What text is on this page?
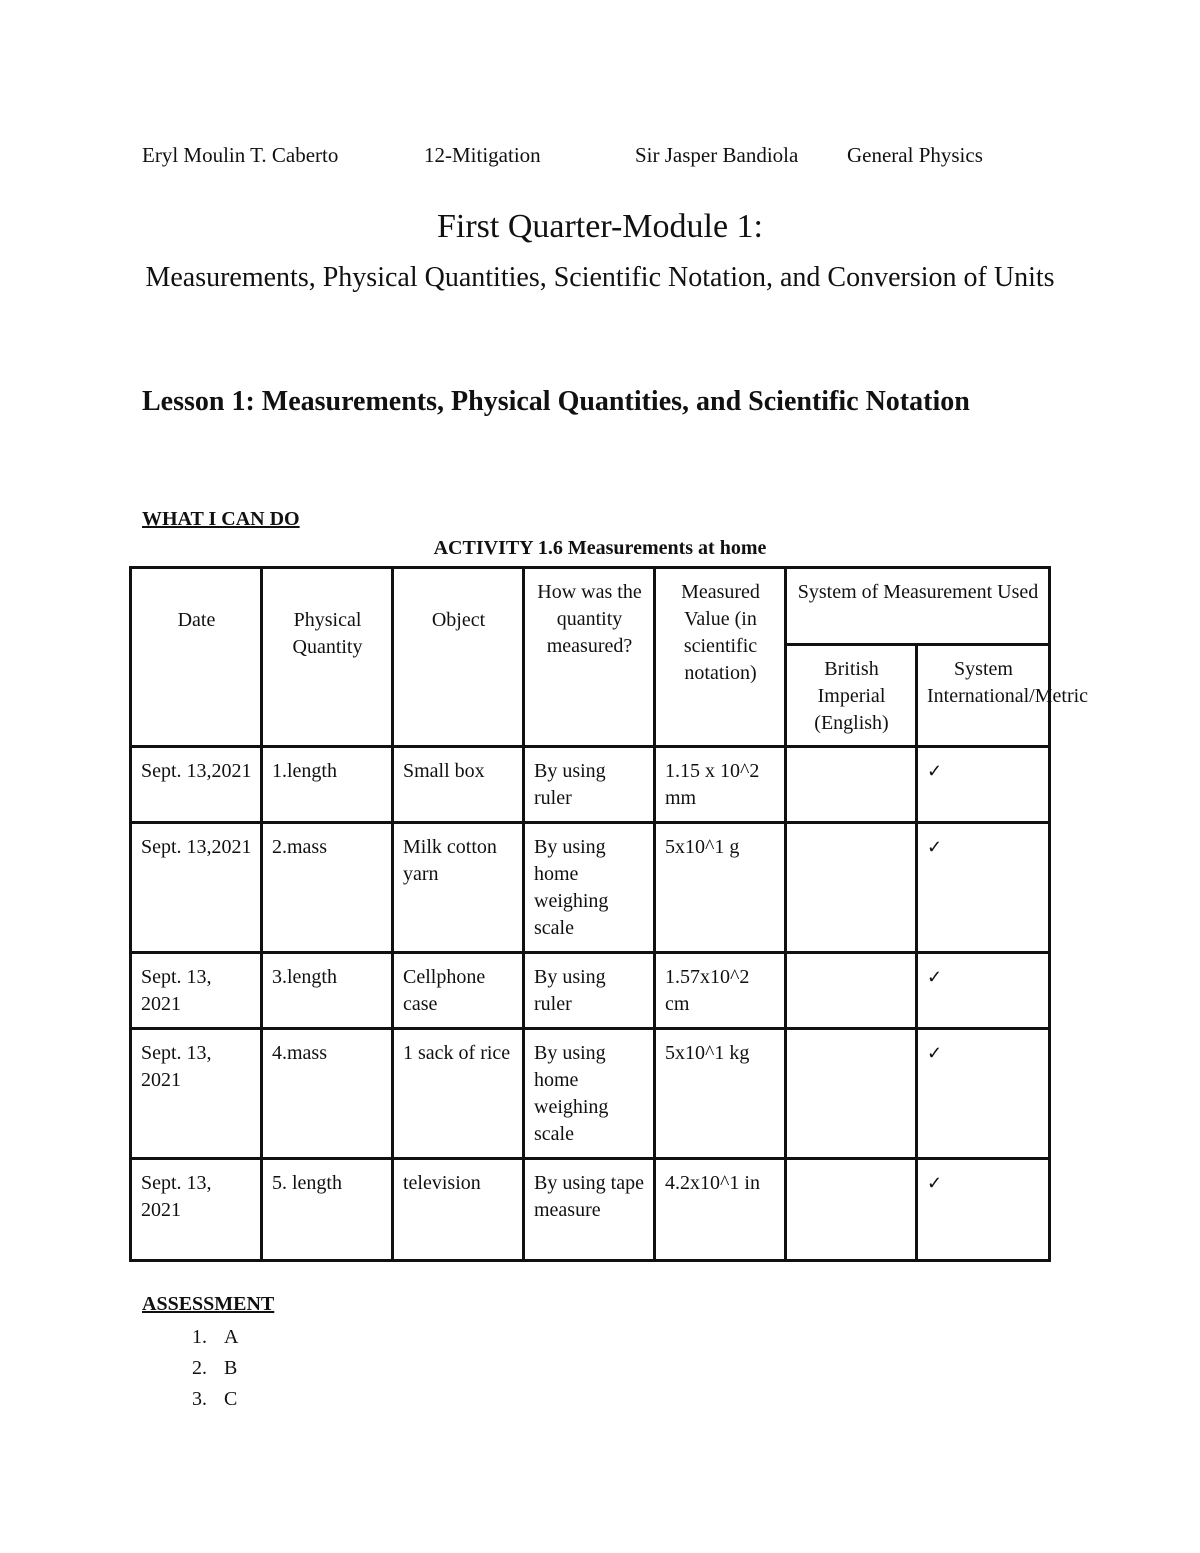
Eryl Moulin T. Caberto	12-Mitigation	Sir Jasper Bandiola General Physics
First Quarter-Module 1:
Measurements, Physical Quantities, Scientific Notation, and Conversion of Units
Lesson 1: Measurements, Physical Quantities, and Scientific Notation
WHAT I CAN DO
ACTIVITY 1.6 Measurements at home
Date	Physical Quantity	Object	How was the quantity measured?	Measured Value (in scientific notation)	System of Measurement Used	
					British Imperial (English)	System International/Metric
Sept. 13,2021	1.length	Small box	By using ruler	1.15 x 10^2 mm		✓
Sept. 13,2021	2.mass	Milk cotton yarn	By using home weighing scale	5x10^1 g		✓
Sept. 13, 2021	3.length	Cellphone case	By using ruler	1.57x10^2 cm		✓
Sept. 13, 2021	4.mass	1 sack of rice	By using home weighing scale	5x10^1 kg		✓
Sept. 13, 2021	5. length	television	By using tape measure	4.2x10^1 in		✓
ASSESSMENT
1. A
2. B
3. C
